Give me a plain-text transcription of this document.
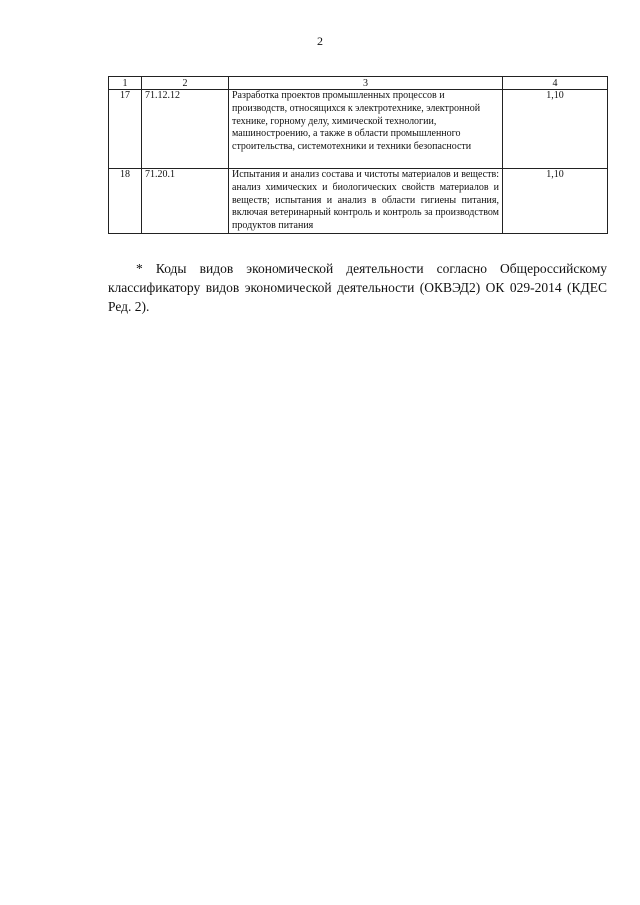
2
1	2	3	4
17	71.12.12	Разработка проектов промышленных процессов и производств, относящихся к электротехнике, электронной технике, горному делу, химической технологии, машиностроению, а также в области промышленного строительства, системотехники и техники безопасности	1,10
18	71.20.1	Испытания и анализ состава и чистоты материалов и веществ: анализ химических и биологических свойств материалов и веществ; испытания и анализ в области гигиены питания, включая ветеринарный контроль и контроль за производством продуктов питания	1,10

* Коды видов экономической деятельности согласно Общероссийскому

классификатору видов экономической деятельности (ОКВЭД2) ОК 029-2014 (КДЕС Ред. 2).
